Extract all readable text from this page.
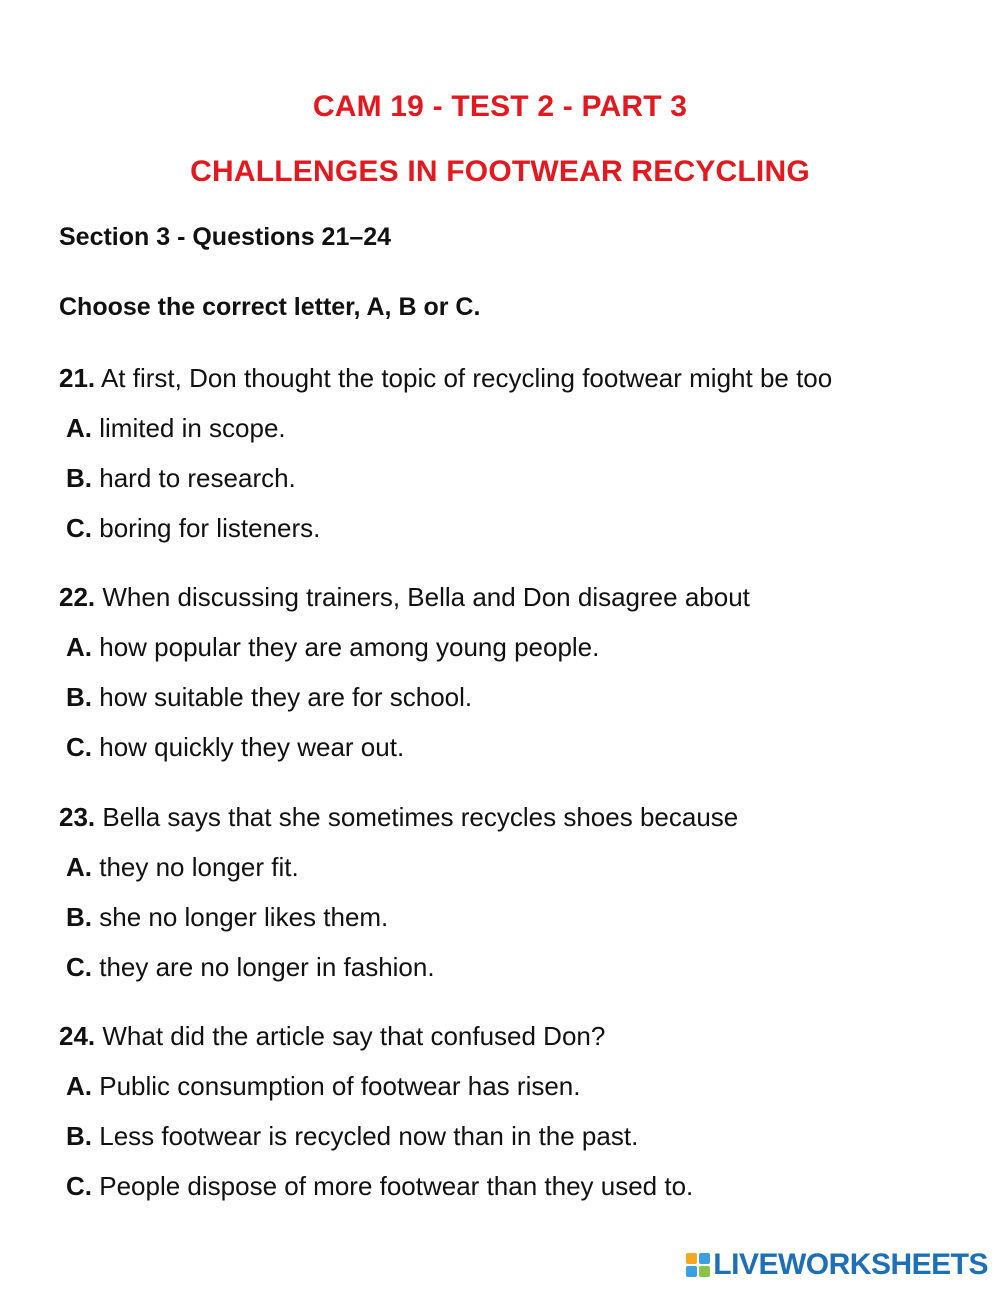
CAM 19 - TEST 2 - PART 3
CHALLENGES IN FOOTWEAR RECYCLING

Section 3 - Questions 21–24

Choose the correct letter, A, B or C.

21. At first, Don thought the topic of recycling footwear might be too
A. limited in scope.
B. hard to research.
C. boring for listeners.
22. When discussing trainers, Bella and Don disagree about
A. how popular they are among young people.
B. how suitable they are for school.
C. how quickly they wear out.
23. Bella says that she sometimes recycles shoes because
A. they no longer fit.
B. she no longer likes them.
C. they are no longer in fashion.
24. What did the article say that confused Don?
A. Public consumption of footwear has risen.
B. Less footwear is recycled now than in the past.
C. People dispose of more footwear than they used to.
LIVEWORKSHEETS
